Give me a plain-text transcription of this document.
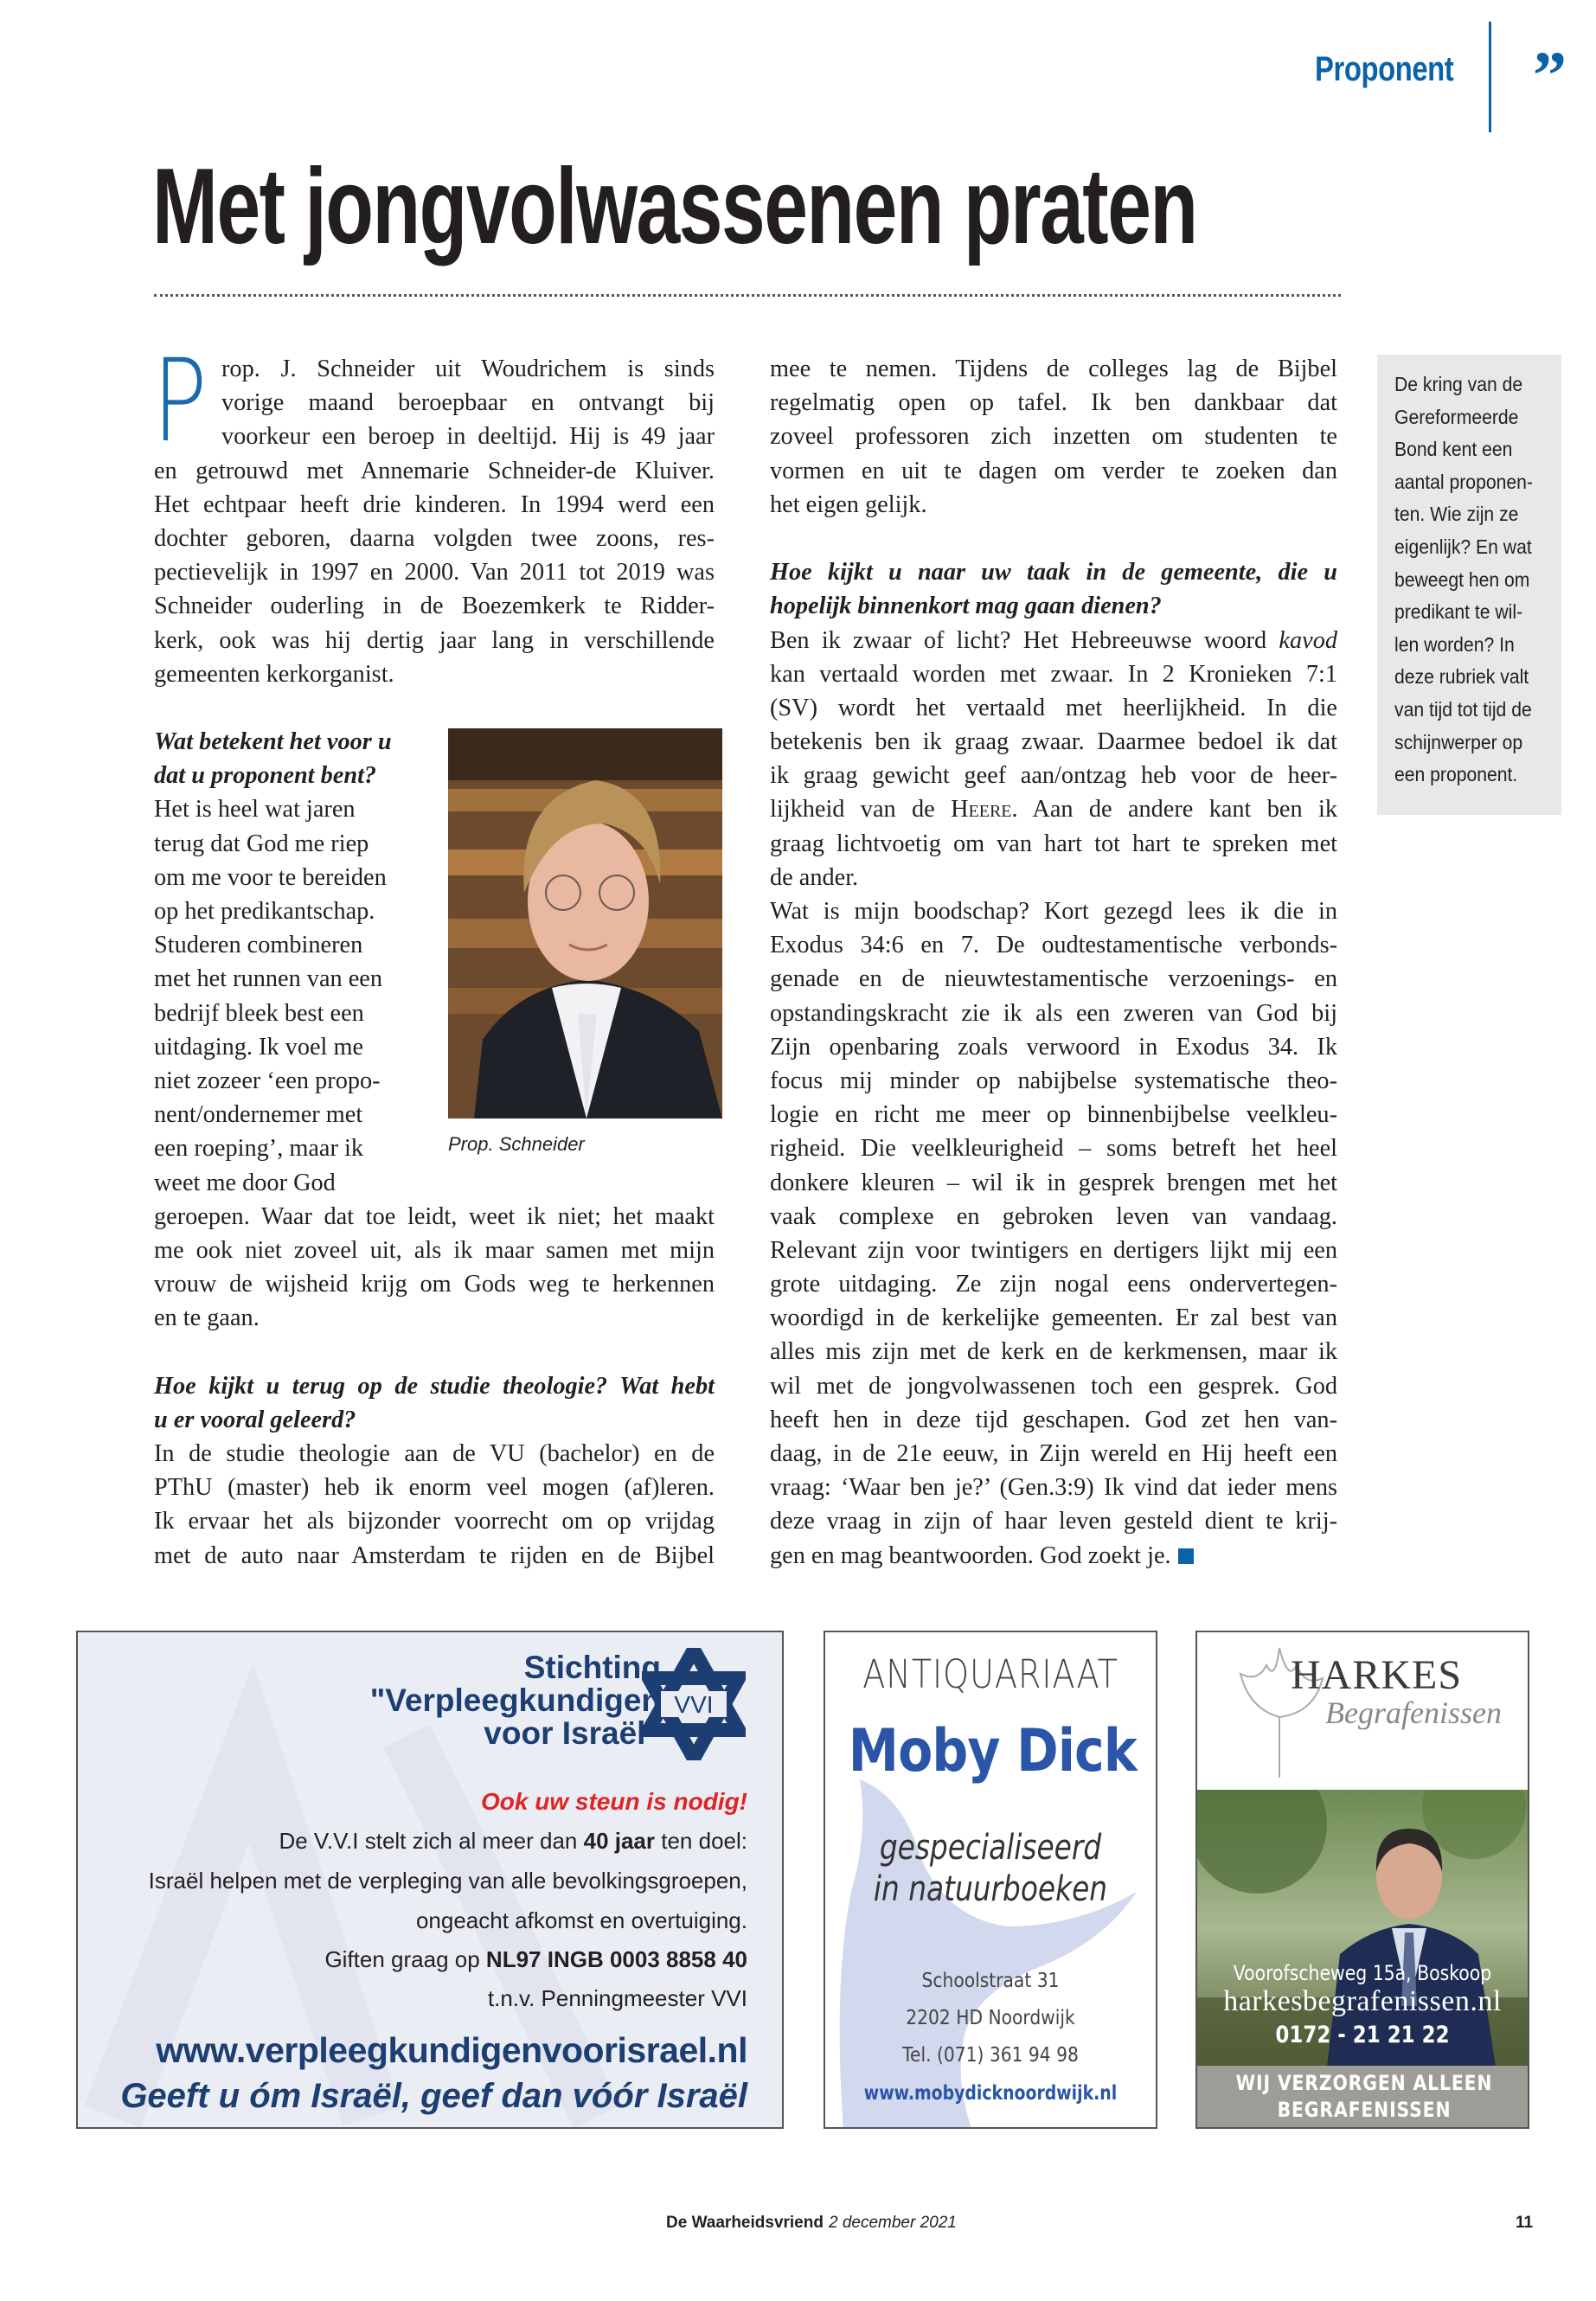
Proponent ”
Met jongvolwassenen praten
P rop. J. Schneider uit Woudrichem is sinds
vorige maand beroepbaar en ontvangt bij
voorkeur een beroep in deeltijd. Hij is 49 jaar
en getrouwd met Annemarie Schneider-de Kluiver.
Het echtpaar heeft drie kinderen. In 1994 werd een
dochter geboren, daarna volgden twee zoons, res-
pectievelijk in 1997 en 2000. Van 2011 tot 2019 was
Schneider ouderling in de Boezemkerk te Ridder-
kerk, ook was hij dertig jaar lang in verschillende
gemeenten kerkorganist.
Wat betekent het voor u
dat u proponent bent?
Het is heel wat jaren
terug dat God me riep
om me voor te bereiden
op het predikantschap.
Studeren combineren
met het runnen van een
bedrijf bleek best een
uitdaging. Ik voel me
niet zozeer ‘een propo-
nent/ondernemer met
een roeping’, maar ik
weet me door God
geroepen. Waar dat toe leidt, weet ik niet; het maakt
me ook niet zoveel uit, als ik maar samen met mijn
vrouw de wijsheid krijg om Gods weg te herkennen
en te gaan.
Hoe kijkt u terug op de studie theologie? Wat hebt
u er vooral geleerd?
In de studie theologie aan de VU (bachelor) en de
PThU (master) heb ik enorm veel mogen (af)leren.
Ik ervaar het als bijzonder voorrecht om op vrijdag
met de auto naar Amsterdam te rijden en de Bijbel
mee te nemen. Tijdens de colleges lag de Bijbel
regelmatig open op tafel. Ik ben dankbaar dat
zoveel professoren zich inzetten om studenten te
vormen en uit te dagen om verder te zoeken dan
het eigen gelijk.
Hoe kijkt u naar uw taak in de gemeente, die u
hopelijk binnenkort mag gaan dienen?
Ben ik zwaar of licht? Het Hebreeuwse woord kavod
kan vertaald worden met zwaar. In 2 Kronieken 7:1
(SV) wordt het vertaald met heerlijkheid. In die
betekenis ben ik graag zwaar. Daarmee bedoel ik dat
ik graag gewicht geef aan/ontzag heb voor de heer-
lijkheid van de Heere. Aan de andere kant ben ik
graag lichtvoetig om van hart tot hart te spreken met
de ander.
Wat is mijn boodschap? Kort gezegd lees ik die in
Exodus 34:6 en 7. De oudtestamentische verbonds-
genade en de nieuwtestamentische verzoenings- en
opstandingskracht zie ik als een zweren van God bij
Zijn openbaring zoals verwoord in Exodus 34. Ik
focus mij minder op nabijbelse systematische theo-
logie en richt me meer op binnenbijbelse veelkleu-
righeid. Die veelkleurigheid – soms betreft het heel
donkere kleuren – wil ik in gesprek brengen met het
vaak complexe en gebroken leven van vandaag.
Relevant zijn voor twintigers en dertigers lijkt mij een
grote uitdaging. Ze zijn nogal eens ondervertegen-
woordigd in de kerkelijke gemeenten. Er zal best van
alles mis zijn met de kerk en de kerkmensen, maar ik
wil met de jongvolwassenen toch een gesprek. God
heeft hen in deze tijd geschapen. God zet hen van-
daag, in de 21e eeuw, in Zijn wereld en Hij heeft een
vraag: ‘Waar ben je?’ (Gen.3:9) Ik vind dat ieder mens
deze vraag in zijn of haar leven gesteld dient te krij-
gen en mag beantwoorden. God zoekt je.
Prop. Schneider
De kring van de
Gereformeerde
Bond kent een
aantal proponen-
ten. Wie zijn ze
eigenlijk? En wat
beweegt hen om
predikant te wil-
len worden? In
deze rubriek valt
van tijd tot tijd de
schijnwerper op
een proponent.
Stichting
"Verpleegkundigen
voor Israël"
VVI
Ook uw steun is nodig!
De V.V.I stelt zich al meer dan 40 jaar ten doel:
Israël helpen met de verpleging van alle bevolkingsgroepen,
ongeacht afkomst en overtuiging.
Giften graag op NL97 INGB 0003 8858 40
t.n.v. Penningmeester VVI
www.verpleegkundigenvoorisrael.nl
Geeft u óm Israël, geef dan vóór Israël
ANTIQUARIAAT
Moby Dick
gespecialiseerd
in natuurboeken
Schoolstraat 31
2202 HD Noordwijk
Tel. (071) 361 94 98
www.mobydicknoordwijk.nl
HARKES
Begrafenissen
Voorofscheweg 15a, Boskoop
harkesbegrafenissen.nl
0172 - 21 21 22
WIJ VERZORGEN ALLEEN
BEGRAFENISSEN
De Waarheidsvriend 2 december 2021	11
